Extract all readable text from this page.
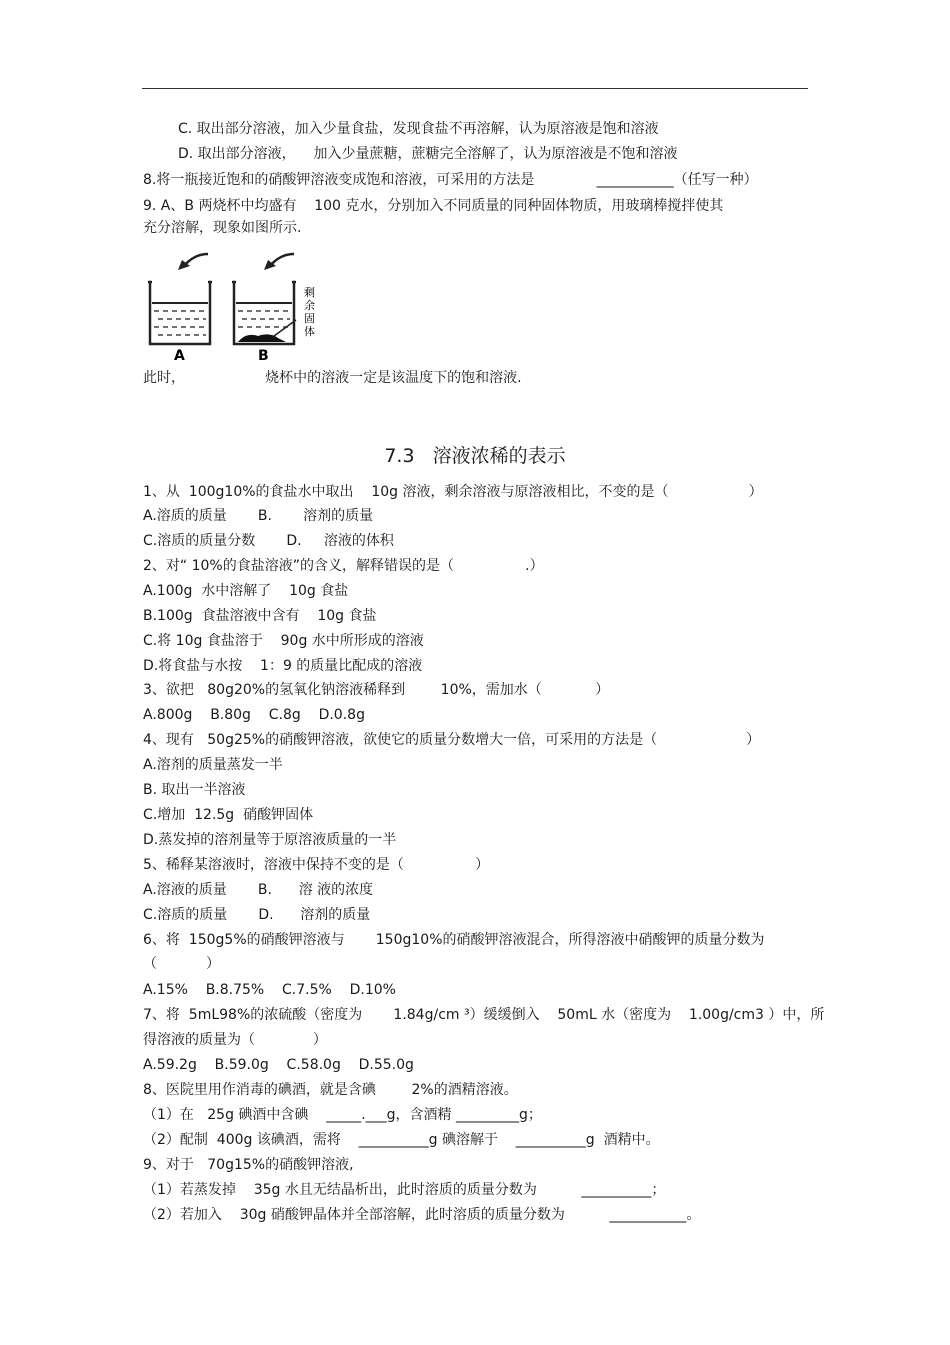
C. 取出部分溶液，加入少量食盐，发现食盐不再溶解，认为原溶液是饱和溶液
D. 取出部分溶液，    加入少量蔗糖，蔗糖完全溶解了，认为原溶液是不饱和溶液
8.将一瓶接近饱和的硝酸钾溶液变成饱和溶液，可采用的方法是              ___________（任写一种）
9. A、B 两烧杯中均盛有    100 克水，分别加入不同质量的同种固体物质，用玻璃棒搅拌使其
充分溶解，现象如图所示.
A	B
剩
余
固
体
此时，                  烧杯中的溶液一定是该温度下的饱和溶液.
7.3   溶液浓稀的表示
1、从  100g10%的食盐水中取出    10g 溶液，剩余溶液与原溶液相比，不变的是（                  ）
A.溶质的质量       B.       溶剂的质量
C.溶质的质量分数       D.     溶液的体积
2、对“ 10%的食盐溶液”的含义，解释错误的是（                .）
A.100g  水中溶解了    10g 食盐
B.100g  食盐溶液中含有    10g 食盐
C.将 10g 食盐溶于    90g 水中所形成的溶液
D.将食盐与水按    1：9 的质量比配成的溶液
3、欲把   80g20%的氢氧化钠溶液稀释到        10%，需加水（            ）
A.800g    B.80g    C.8g    D.0.8g
4、现有   50g25%的硝酸钾溶液，欲使它的质量分数增大一倍，可采用的方法是（                    ）
A.溶剂的质量蒸发一半
B. 取出一半溶液
C.增加  12.5g  硝酸钾固体
D.蒸发掉的溶剂量等于原溶液质量的一半
5、稀释某溶液时，溶液中保持不变的是（                ）
A.溶液的质量       B.      溶 液的浓度
C.溶质的质量       D.      溶剂的质量
6、将  150g5%的硝酸钾溶液与       150g10%的硝酸钾溶液混合，所得溶液中硝酸钾的质量分数为
（           ）
A.15%    B.8.75%    C.7.5%    D.10%
7、将  5mL98%的浓硫酸（密度为       1.84g/cm ³）缓缓倒入    50mL 水（密度为    1.00g/cm3 ）中，所
得溶液的质量为（             ）
A.59.2g    B.59.0g    C.58.0g    D.55.0g
8、医院里用作消毒的碘酒，就是含碘        2%的酒精溶液。
（1）在   25g 碘酒中含碘    _____.___g，含酒精 _________g；
（2）配制  400g 该碘酒，需将    __________g 碘溶解于    __________g  酒精中。
9、对于   70g15%的硝酸钾溶液,
（1）若蒸发掉    35g 水且无结晶析出，此时溶质的质量分数为          __________；
（2）若加入    30g 硝酸钾晶体并全部溶解，此时溶质的质量分数为          ___________。
